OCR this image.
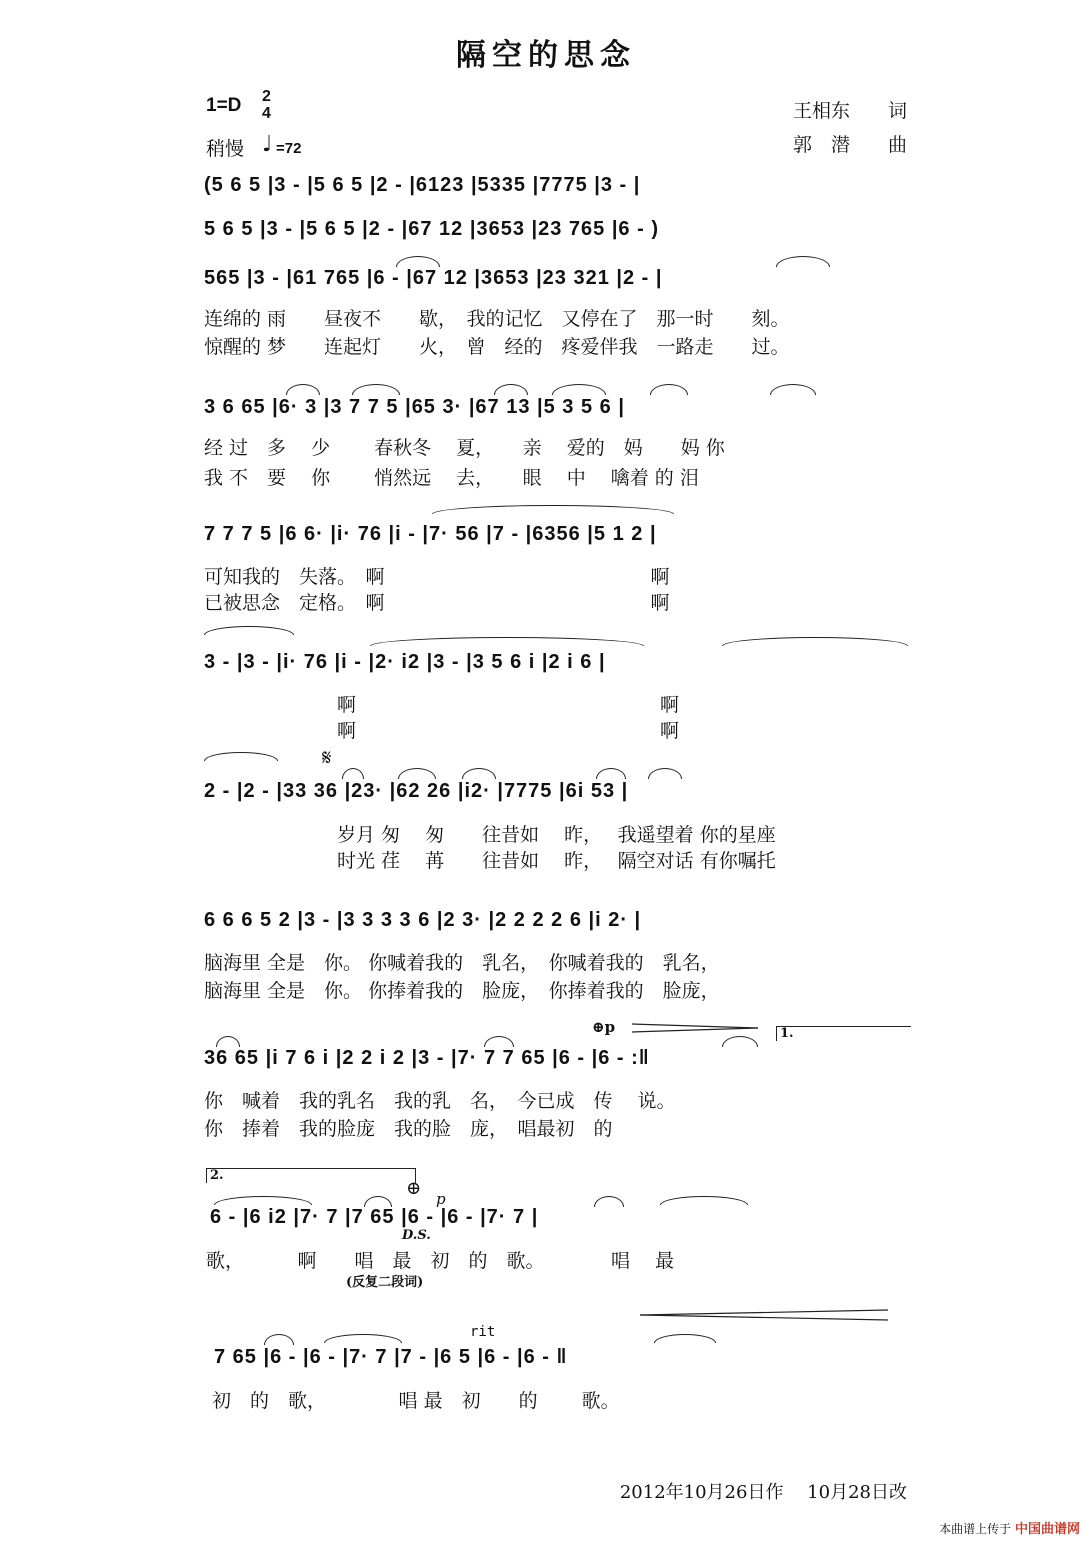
隔空的思念
1=D 2
4
稍慢 ♩ =72
王相东　　词
郭　潜　　曲
(5 6 5 |3 - |5 6 5 |2 - |6123 |5335 |7775 |3 - |
5 6 5 |3 - |5 6 5 |2 - |67 12 |3653 |23 765 |6 - )
565 |3 - |61 765 |6 - |67 12 |3653 |23 321 |2 - |
连绵的 雨　　昼夜不　　歇，　我的记忆　又停在了　那一时　　刻。
惊醒的 梦　　连起灯　　火，　曾　经的　疼爱伴我　一路走　　过。
3 6 65 |6· 3 |3 7 7 5 |65 3· |67 13 |5 3 5 6 |
经 过　多　 少　　 春秋冬　 夏，　　亲　 爱的　妈　　妈 你
我 不　要　 你　　 悄然远　 去，　　眼　 中　 噙着 的 泪
7 7 7 5 |6 6· |i· 76 |i - |7· 56 |7 - |6356 |5 1 2 |
可知我的　失落。　啊　　　　　　　　　　　　　　啊
已被思念　定格。　啊　　　　　　　　　　　　　　啊
3 - |3 - |i· 76 |i - |2· i2 |3 - |3 5 6 i |2 i 6 |
　　　　　　　啊　　　　　　　　　　　　　　　　啊
　　　　　　　啊　　　　　　　　　　　　　　　　啊
𝄋
2 - |2 - |33 36 |23· |62 26 |i2· |7775 |6i 53 |
　　　　　　　岁月 匆　 匆　　往昔如　 昨，　 我遥望着 你的星座
　　　　　　　时光 荏　 苒　　往昔如　 昨，　 隔空对话 有你嘱托
6 6 6 5 2 |3 - |3 3 3 3 6 |2 3· |2 2 2 2 6 |i 2· |
脑海里 全是　你。 你喊着我的　乳名，　你喊着我的　乳名，
脑海里 全是　你。 你捧着我的　脸庞，　你捧着我的　脸庞，
⊕p	1.
36 65 |i 7 6 i |2 2 i 2 |3 - |7· 7 7 65 |6 - |6 - :‖
你　喊着　我的乳名　我的乳　名，　今已成　传　 说。
你　捧着　我的脸庞　我的脸　庞，　唱最初　的
2.
⊕ p
6 - |6 i2 |7· 7 |7 65 |6 - |6 - |7· 7 |
D.S.
歌，　　　 啊　　唱　最　初　的　歌。　　　　唱　 最
(反复二段词)
rit
7 65 |6 - |6 - |7· 7 |7 - |6 5 |6 - |6 - ‖
初　的　歌，　　　　 唱 最　初　　的　　 歌。
2012年10月26日作　 10月28日改
本曲谱上传于 中国曲谱网
